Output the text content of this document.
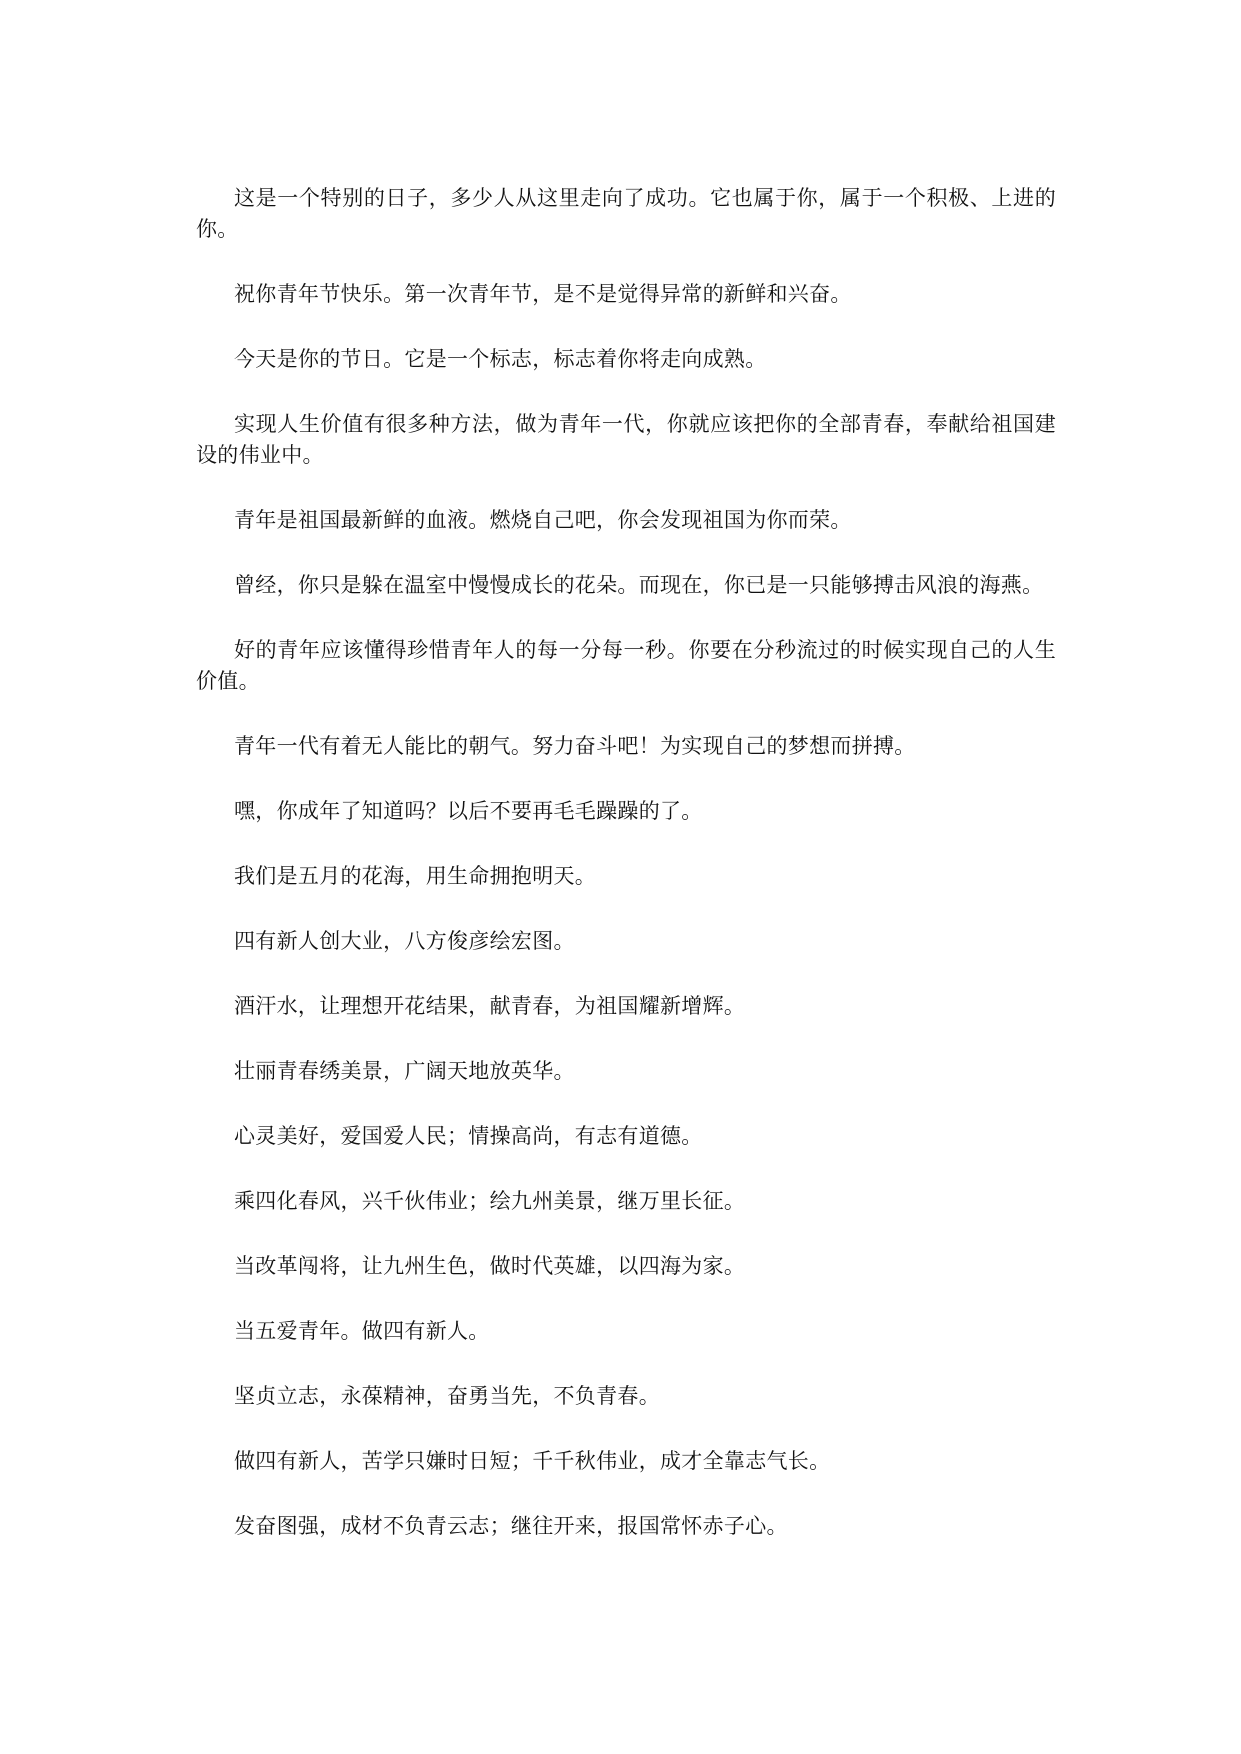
这是一个特别的日子，多少人从这里走向了成功。它也属于你，属于一个积极、上进的你。

祝你青年节快乐。第一次青年节，是不是觉得异常的新鲜和兴奋。

今天是你的节日。它是一个标志，标志着你将走向成熟。

实现人生价值有很多种方法，做为青年一代，你就应该把你的全部青春，奉献给祖国建设的伟业中。

青年是祖国最新鲜的血液。燃烧自己吧，你会发现祖国为你而荣。

曾经，你只是躲在温室中慢慢成长的花朵。而现在，你已是一只能够搏击风浪的海燕。

好的青年应该懂得珍惜青年人的每一分每一秒。你要在分秒流过的时候实现自己的人生价值。

青年一代有着无人能比的朝气。努力奋斗吧！为实现自己的梦想而拼搏。

嘿，你成年了知道吗？以后不要再毛毛躁躁的了。

我们是五月的花海，用生命拥抱明天。

四有新人创大业，八方俊彦绘宏图。

酒汗水，让理想开花结果，献青春，为祖国耀新增辉。

壮丽青春绣美景，广阔天地放英华。

心灵美好，爱国爱人民；情操高尚，有志有道德。

乘四化春风，兴千伙伟业；绘九州美景，继万里长征。

当改革闯将，让九州生色，做时代英雄，以四海为家。

当五爱青年。做四有新人。

坚贞立志，永葆精神，奋勇当先，不负青春。

做四有新人，苦学只嫌时日短；千千秋伟业，成才全靠志气长。

发奋图强，成材不负青云志；继往开来，报国常怀赤子心。
